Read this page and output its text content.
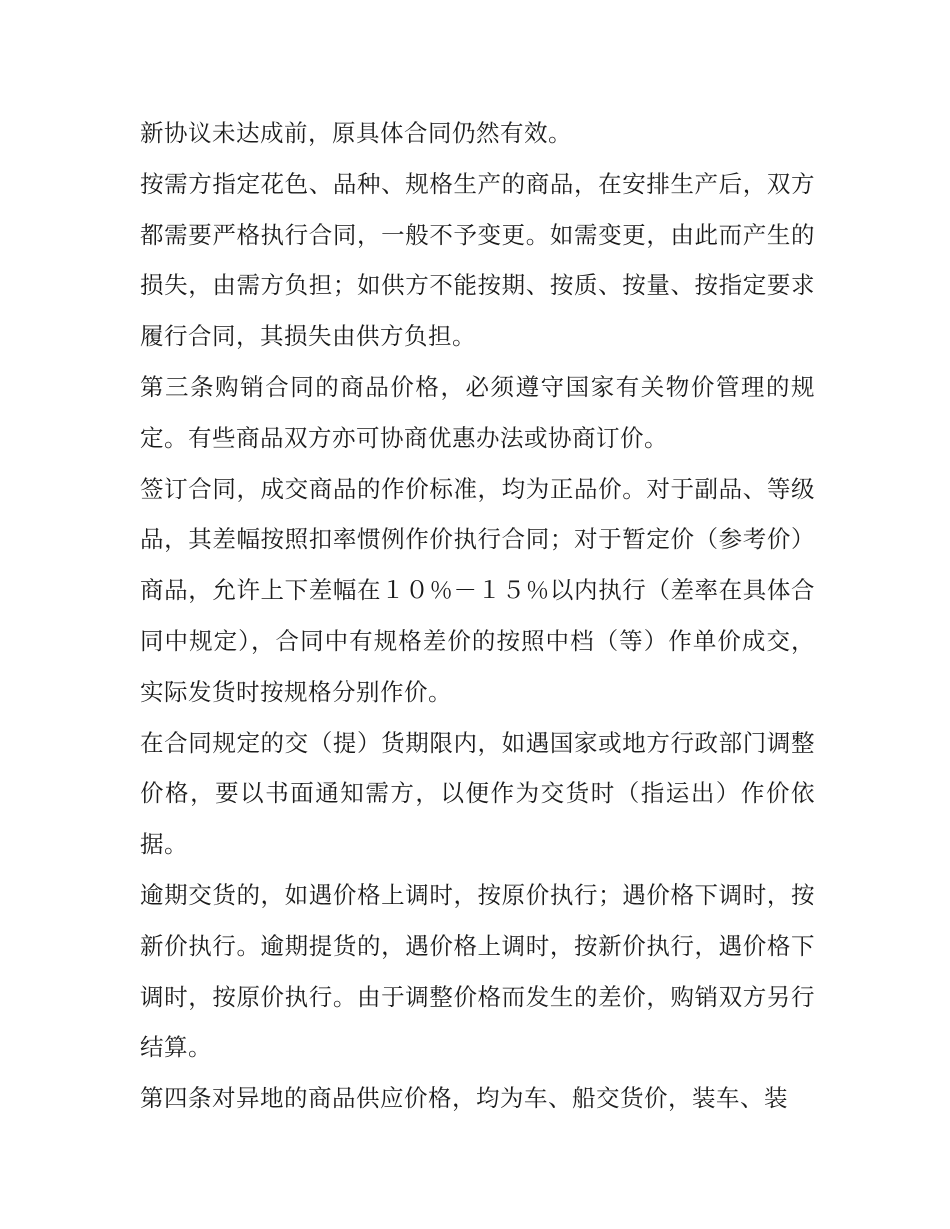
新协议未达成前，原具体合同仍然有效。

按需方指定花色、品种、规格生产的商品，在安排生产后，双方都需要严格执行合同，一般不予变更。如需变更，由此而产生的损失，由需方负担；如供方不能按期、按质、按量、按指定要求履行合同，其损失由供方负担。

第三条购销合同的商品价格，必须遵守国家有关物价管理的规定。有些商品双方亦可协商优惠办法或协商订价。

签订合同，成交商品的作价标准，均为正品价。对于副品、等级品，其差幅按照扣率惯例作价执行合同；对于暂定价（参考价）商品，允许上下差幅在１０％－１５％以内执行（差率在具体合同中规定），合同中有规格差价的按照中档（等）作单价成交，实际发货时按规格分别作价。

在合同规定的交（提）货期限内，如遇国家或地方行政部门调整价格，要以书面通知需方，以便作为交货时（指运出）作价依据。

逾期交货的，如遇价格上调时，按原价执行；遇价格下调时，按新价执行。逾期提货的，遇价格上调时，按新价执行，遇价格下调时，按原价执行。由于调整价格而发生的差价，购销双方另行结算。

第四条对异地的商品供应价格，均为车、船交货价，装车、装
